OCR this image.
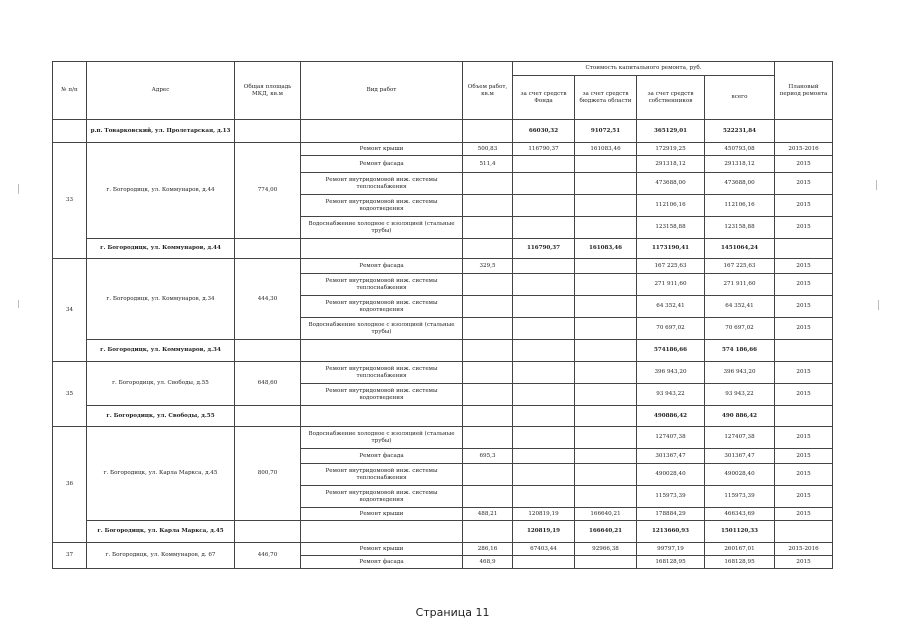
№ п/п	Адрес	Общая площадь МКД, кв.м	Вид работ	Объем работ, кв.м	Стоимость капитального ремонта, руб.				Плановый период ремонта
					за счет средств Фонда	за счет средств бюджета области	за счет средств собственников	всего	
	р.п. Товарковский, ул. Пролетарская, д.13				66030,32	91072,51	365129,01	522231,84	
33	г. Богородицк, ул. Коммунаров, д.44	774,00	Ремонт крыши	500,83	116790,37	161083,46	172919,25	450793,08	2015-2016
			Ремонт фасада	511,4			291318,12	291318,12	2015
			Ремонт внутридомовой инж. системы теплоснабжения				473688,00	473688,00	2015
			Ремонт внутридомовой инж. системы водоотведения				112106,16	112106,16	2015
			Водоснабжение холодное с изоляцией (стальные трубы)				123158,88	123158,88	2015
	г. Богородицк, ул. Коммунаров, д.44				116790,37	161083,46	1173190,41	1451064,24	
34	г. Богородицк, ул. Коммунаров, д.34	444,30	Ремонт фасада	329,5			167 225,63	167 225,63	2015
			Ремонт внутридомовой инж. системы теплоснабжения				271 911,60	271 911,60	2015
			Ремонт внутридомовой инж. системы водоотведения				64 352,41	64 352,41	2015
			Водоснабжение холодное с изоляцией (стальные трубы)				70 697,02	70 697,02	2015
	г. Богородицк, ул. Коммунаров, д.34						574186,66	574 186,66	
35	г. Богородицк, ул. Свободы, д.55	648,60	Ремонт внутридомовой инж. системы теплоснабжения				396 943,20	396 943,20	2015
			Ремонт внутридомовой инж. системы водоотведения				93 943,22	93 943,22	2015
	г. Богородицк, ул. Свободы, д.55						490886,42	490 886,42	
36	г. Богородицк, ул. Карла Маркса, д.45	800,70	Водоснабжение холодное с изоляцией (стальные трубы)				127407,38	127407,38	2015
			Ремонт фасада	695,3			301367,47	301367,47	2015
			Ремонт внутридомовой инж. системы теплоснабжения				490028,40	490028,40	2015
			Ремонт внутридомовой инж. системы водоотведения				115973,39	115973,39	2015
			Ремонт крыши	488,21	120819,19	166640,21	178884,29	466343,69	2015
	г. Богородицк, ул. Карла Маркса, д.45				120819,19	166640,21	1213660,93	1501120,33	
37	г. Богородицк, ул. Коммунаров, д. 67	446,70	Ремонт крыши	286,16	67403,44	92966,38	99797,19	260167,01	2015-2016
			Ремонт фасада	468,9			168128,95	168128,95	2015
Страница 11
